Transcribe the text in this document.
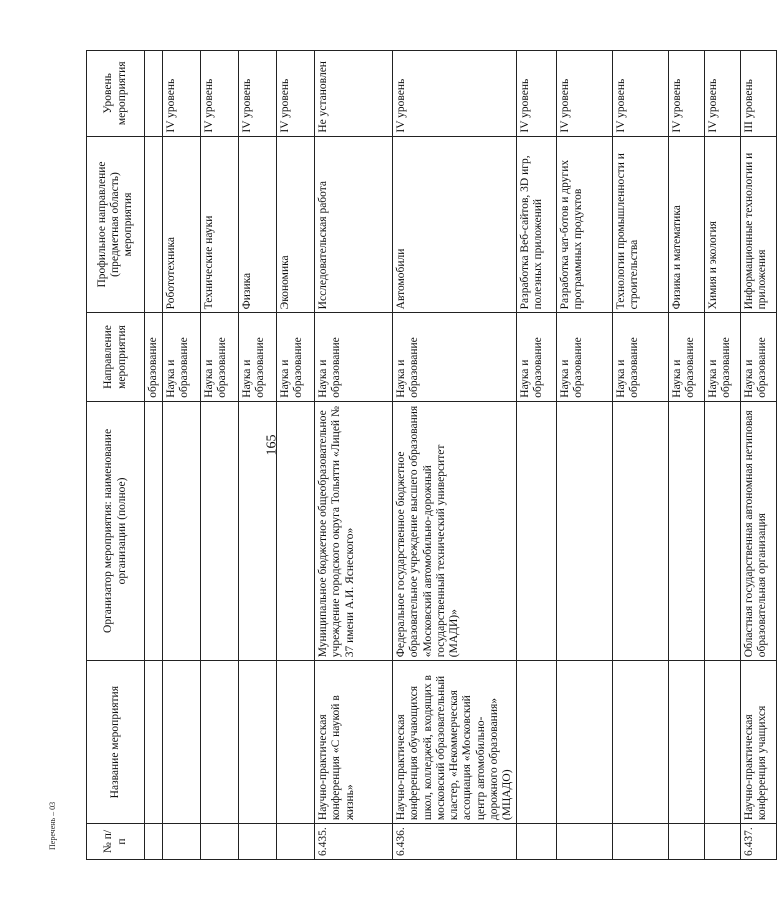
165
№ п/п	Название мероприятия	Организатор мероприятия: наименование организации (полное)	Направление мероприятия	Профильное направление (предметная область) мероприятия	Уровень мероприятия
			образование		
			Наука и образование	Робототехника	IV уровень
			Наука и образование	Технические науки	IV уровень
			Наука и образование	Физика	IV уровень
			Наука и образование	Экономика	IV уровень
6.435.	Научно-практическая конференция «С наукой в жизнь»	Муниципальное бюджетное общеобразовательное учреждение городского округа Тольятти «Лицей № 37 имени А.И. Яснеского»	Наука и образование	Исследовательская работа	Не установлен
6.436.	Научно-практическая конференция обучающихся школ, колледжей, входящих в московский образовательный кластер, «Некоммерческая ассоциация «Московский центр автомобильно-дорожного образования» (МЦАДО)	Федеральное государственное бюджетное образовательное учреждение высшего образования «Московский автомобильно-дорожный государственный технический университет (МАДИ)»	Наука и образование	Автомобили	IV уровень
			Наука и образование	Разработка Веб-сайтов, 3D игр, полезных приложений	IV уровень
			Наука и образование	Разработка чат-ботов и других программных продуктов	IV уровень
			Наука и образование	Технологии промышленности и строительства	IV уровень
			Наука и образование	Физика и математика	IV уровень
			Наука и образование	Химия и экология	IV уровень
6.437.	Научно-практическая конференция учащихся	Областная государственная автономная нетиповая образовательная организация	Наука и образование	Информационные технологии и приложения	III уровень
Перечень – 03
